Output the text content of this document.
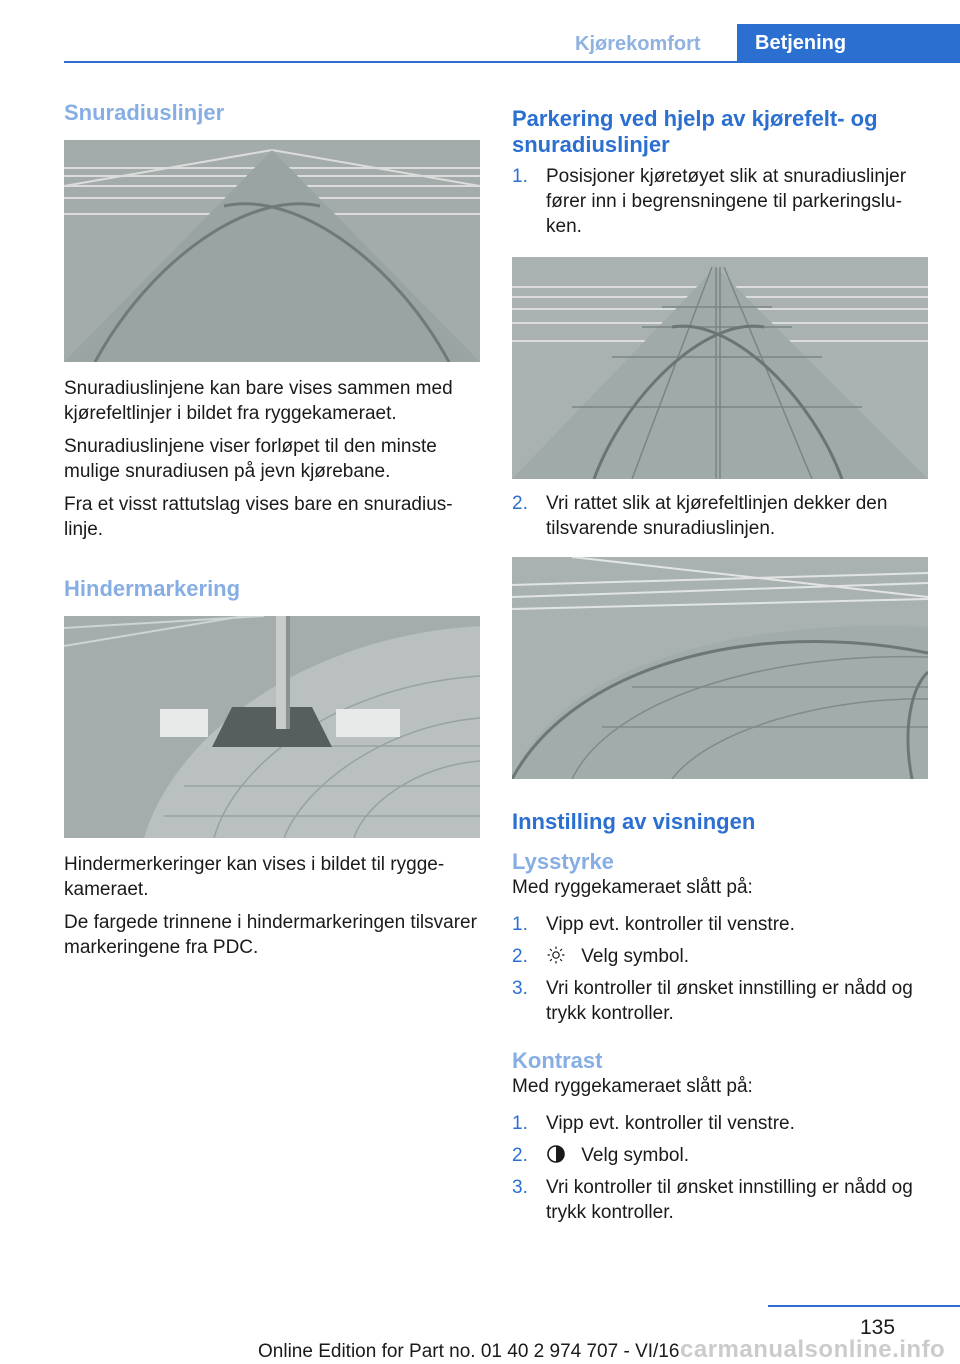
Kjørekomfort	Betjening
Snuradiuslinjer

Snuradiuslinjene kan bare vises sammen med kjørefeltlinjer i bildet fra ryggekameraet.

Snuradiuslinjene viser forløpet til den minste mulige snuradiusen på jevn kjørebane.

Fra et visst rattutslag vises bare en snuradiuslinje.

Hindermarkering

Hindermerkeringer kan vises i bildet til ryggekameraet.

De fargede trinnene i hindermarkeringen tilsvarer markeringene fra PDC.

Parkering ved hjelp av kjørefelt- og snuradiuslinjer
1. Posisjoner kjøretøyet slik at snuradiuslinjer fører inn i begrensningene til parkeringsluken.
2. Vri rattet slik at kjørefeltlinjen dekker den tilsvarende snuradiuslinjen.
Innstilling av visningen
Lysstyrke

Med ryggekameraet slått på:

1. Vipp evt. kontroller til venstre.
2.	Velg symbol.
3. Vri kontroller til ønsket innstilling er nådd og trykk kontroller.
Kontrast

Med ryggekameraet slått på:

1. Vipp evt. kontroller til venstre.
2.	Velg symbol.
3. Vri kontroller til ønsket innstilling er nådd og trykk kontroller.
135
Online Edition for Part no. 01 40 2 974 707 - VI/16 carmanualsonline.info
